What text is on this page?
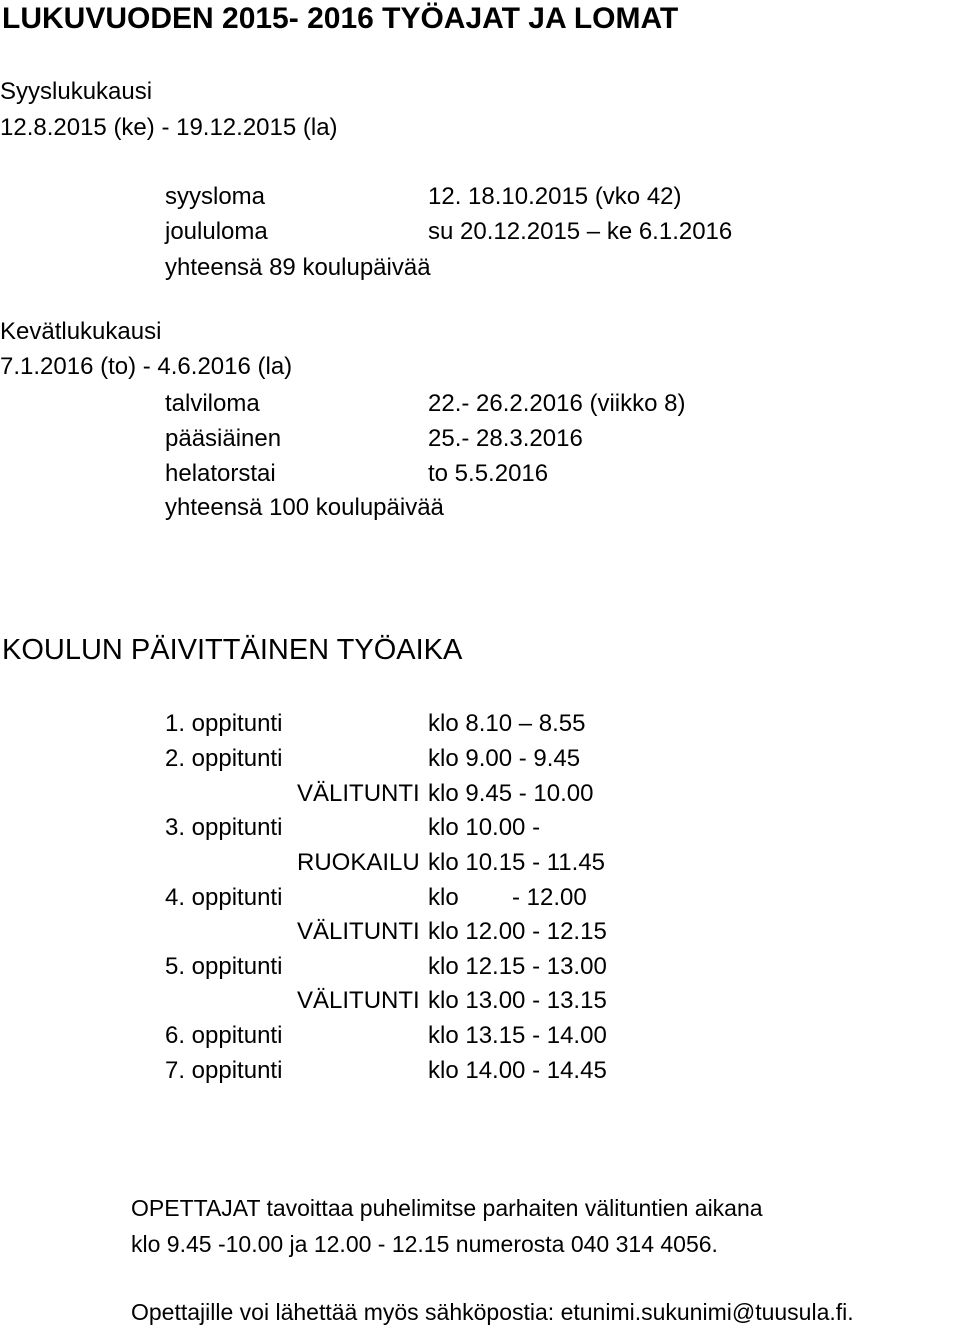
LUKUVUODEN 2015- 2016 TYÖAJAT JA LOMAT
Syyslukukausi
12.8.2015 (ke) - 19.12.2015 (la)
syysloma	12. 18.10.2015 (vko 42)
joululoma	su 20.12.2015 – ke 6.1.2016
yhteensä 89 koulupäivää
Kevätlukukausi
7.1.2016 (to) - 4.6.2016 (la)
talviloma	22.- 26.2.2016 (viikko 8)
pääsiäinen	25.- 28.3.2016
helatorstai	to 5.5.2016
yhteensä 100 koulupäivää
KOULUN PÄIVITTÄINEN TYÖAIKA
1. oppitunti	klo 8.10 – 8.55
2. oppitunti	klo 9.00 - 9.45
VÄLITUNTI klo 9.45 - 10.00
3. oppitunti	klo 10.00 -
RUOKAILU klo 10.15 - 11.45
4. oppitunti	klo        - 12.00
VÄLITUNTI klo 12.00 - 12.15
5. oppitunti	klo 12.15 - 13.00
VÄLITUNTI klo 13.00 - 13.15
6. oppitunti	klo 13.15 - 14.00
7. oppitunti	klo 14.00 - 14.45
OPETTAJAT tavoittaa puhelimitse parhaiten välituntien aikana
klo 9.45 -10.00 ja 12.00 - 12.15 numerosta 040 314 4056.
Opettajille voi lähettää myös sähköpostia: etunimi.sukunimi@tuusula.fi.
